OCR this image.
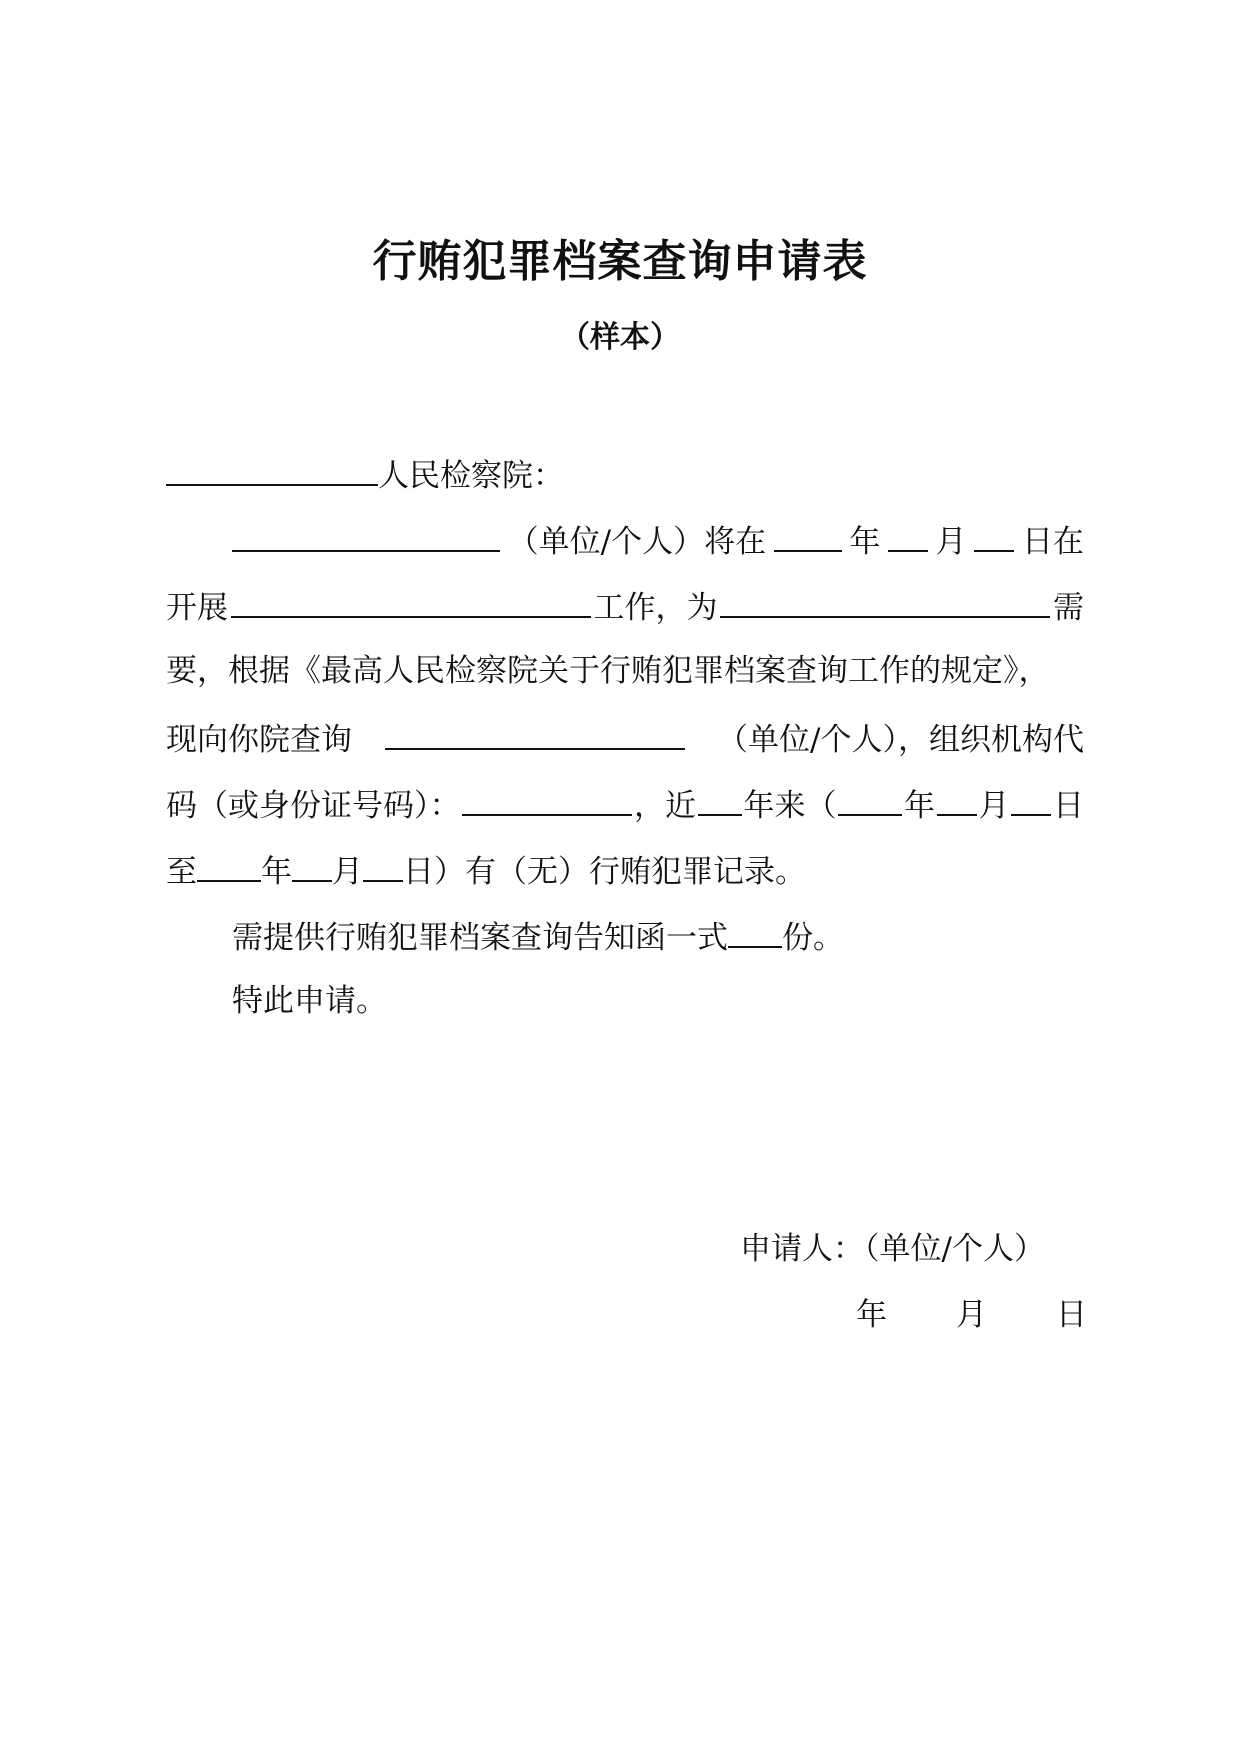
行贿犯罪档案查询申请表
（样本）
人民检察院：
（单位/个人）将在	年 月 日在
开展	工作，为	需
要，根据《最高人民检察院关于行贿犯罪档案查询工作的规定》，
现向你院查询	（单位/个人），组织机构代
码（或身份证号码）：	，近 年来（ 年 月 日
至 年 月 日）有（无）行贿犯罪记录。
需提供行贿犯罪档案查询告知函一式 份。
特此申请。
申请人：（单位/个人）
年 月 日
